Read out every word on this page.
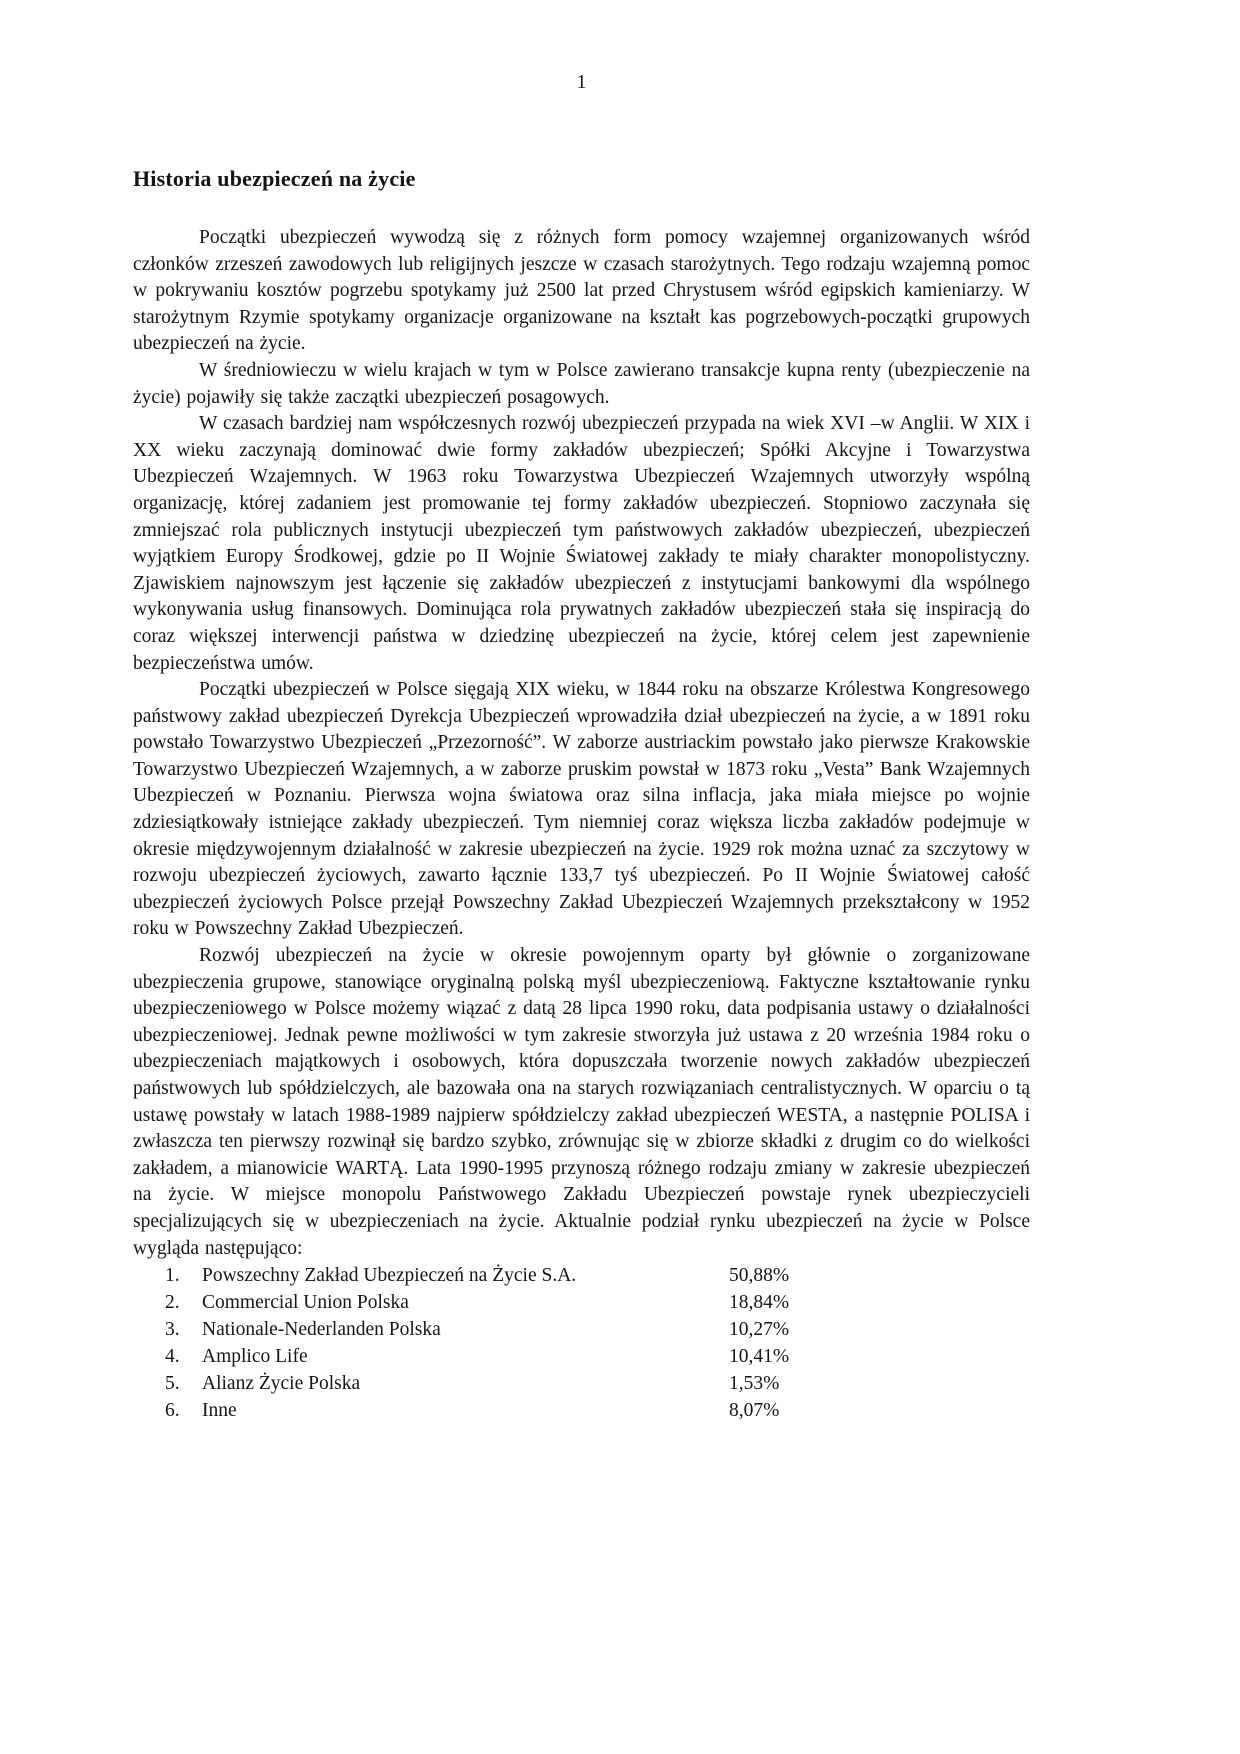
1
Historia ubezpieczeń na życie

Początki ubezpieczeń wywodzą się z różnych form pomocy wzajemnej organizowanych wśród członków zrzeszeń zawodowych lub religijnych jeszcze w czasach starożytnych. Tego rodzaju wzajemną pomoc w pokrywaniu kosztów pogrzebu spotykamy już 2500 lat przed Chrystusem wśród egipskich kamieniarzy. W starożytnym Rzymie spotykamy organizacje organizowane na kształt kas pogrzebowych-początki grupowych ubezpieczeń na życie.

W średniowieczu w wielu krajach w tym w Polsce zawierano transakcje kupna renty (ubezpieczenie na życie) pojawiły się także zaczątki ubezpieczeń posagowych.

W czasach bardziej nam współczesnych rozwój ubezpieczeń przypada na wiek XVI –w Anglii. W XIX i XX wieku zaczynają dominować dwie formy zakładów ubezpieczeń; Spółki Akcyjne i Towarzystwa Ubezpieczeń Wzajemnych. W 1963 roku Towarzystwa Ubezpieczeń Wzajemnych utworzyły wspólną organizację, której zadaniem jest promowanie tej formy zakładów ubezpieczeń. Stopniowo zaczynała się zmniejszać rola publicznych instytucji ubezpieczeń tym państwowych zakładów ubezpieczeń, ubezpieczeń wyjątkiem Europy Środkowej, gdzie po II Wojnie Światowej zakłady te miały charakter monopolistyczny. Zjawiskiem najnowszym jest łączenie się zakładów ubezpieczeń z instytucjami bankowymi dla wspólnego wykonywania usług finansowych. Dominująca rola prywatnych zakładów ubezpieczeń stała się inspiracją do coraz większej interwencji państwa w dziedzinę ubezpieczeń na życie, której celem jest zapewnienie bezpieczeństwa umów.

Początki ubezpieczeń w Polsce sięgają XIX wieku, w 1844 roku na obszarze Królestwa Kongresowego państwowy zakład ubezpieczeń Dyrekcja Ubezpieczeń wprowadziła dział ubezpieczeń na życie, a w 1891 roku powstało Towarzystwo Ubezpieczeń „Przezorność”. W zaborze austriackim powstało jako pierwsze Krakowskie Towarzystwo Ubezpieczeń Wzajemnych, a w zaborze pruskim powstał w 1873 roku „Vesta” Bank Wzajemnych Ubezpieczeń w Poznaniu. Pierwsza wojna światowa oraz silna inflacja, jaka miała miejsce po wojnie zdziesiątkowały istniejące zakłady ubezpieczeń. Tym niemniej coraz większa liczba zakładów podejmuje w okresie międzywojennym działalność w zakresie ubezpieczeń na życie. 1929 rok można uznać za szczytowy w rozwoju ubezpieczeń życiowych, zawarto łącznie 133,7 tyś ubezpieczeń. Po II Wojnie Światowej całość ubezpieczeń życiowych Polsce przejął Powszechny Zakład Ubezpieczeń Wzajemnych przekształcony w 1952 roku w Powszechny Zakład Ubezpieczeń.

Rozwój ubezpieczeń na życie w okresie powojennym oparty był głównie o zorganizowane ubezpieczenia grupowe, stanowiące oryginalną polską myśl ubezpieczeniową. Faktyczne kształtowanie rynku ubezpieczeniowego w Polsce możemy wiązać z datą 28 lipca 1990 roku, data podpisania ustawy o działalności ubezpieczeniowej. Jednak pewne możliwości w tym zakresie stworzyła już ustawa z 20 września 1984 roku o ubezpieczeniach majątkowych i osobowych, która dopuszczała tworzenie nowych zakładów ubezpieczeń państwowych lub spółdzielczych, ale bazowała ona na starych rozwiązaniach centralistycznych. W oparciu o tą ustawę powstały w latach 1988-1989 najpierw spółdzielczy zakład ubezpieczeń WESTA, a następnie POLISA i zwłaszcza ten pierwszy rozwinął się bardzo szybko, zrównując się w zbiorze składki z drugim co do wielkości zakładem, a mianowicie WARTĄ. Lata 1990-1995 przynoszą różnego rodzaju zmiany w zakresie ubezpieczeń na życie. W miejsce monopolu Państwowego Zakładu Ubezpieczeń powstaje rynek ubezpieczycieli specjalizujących się w ubezpieczeniach na życie. Aktualnie podział rynku ubezpieczeń na życie w Polsce wygląda następująco:

1. Powszechny Zakład Ubezpieczeń na Życie S.A.	50,88%
2. Commercial Union Polska	18,84%
3. Nationale-Nederlanden Polska	10,27%
4. Amplico Life	10,41%
5. Alianz Życie Polska	1,53%
6. Inne	8,07%
